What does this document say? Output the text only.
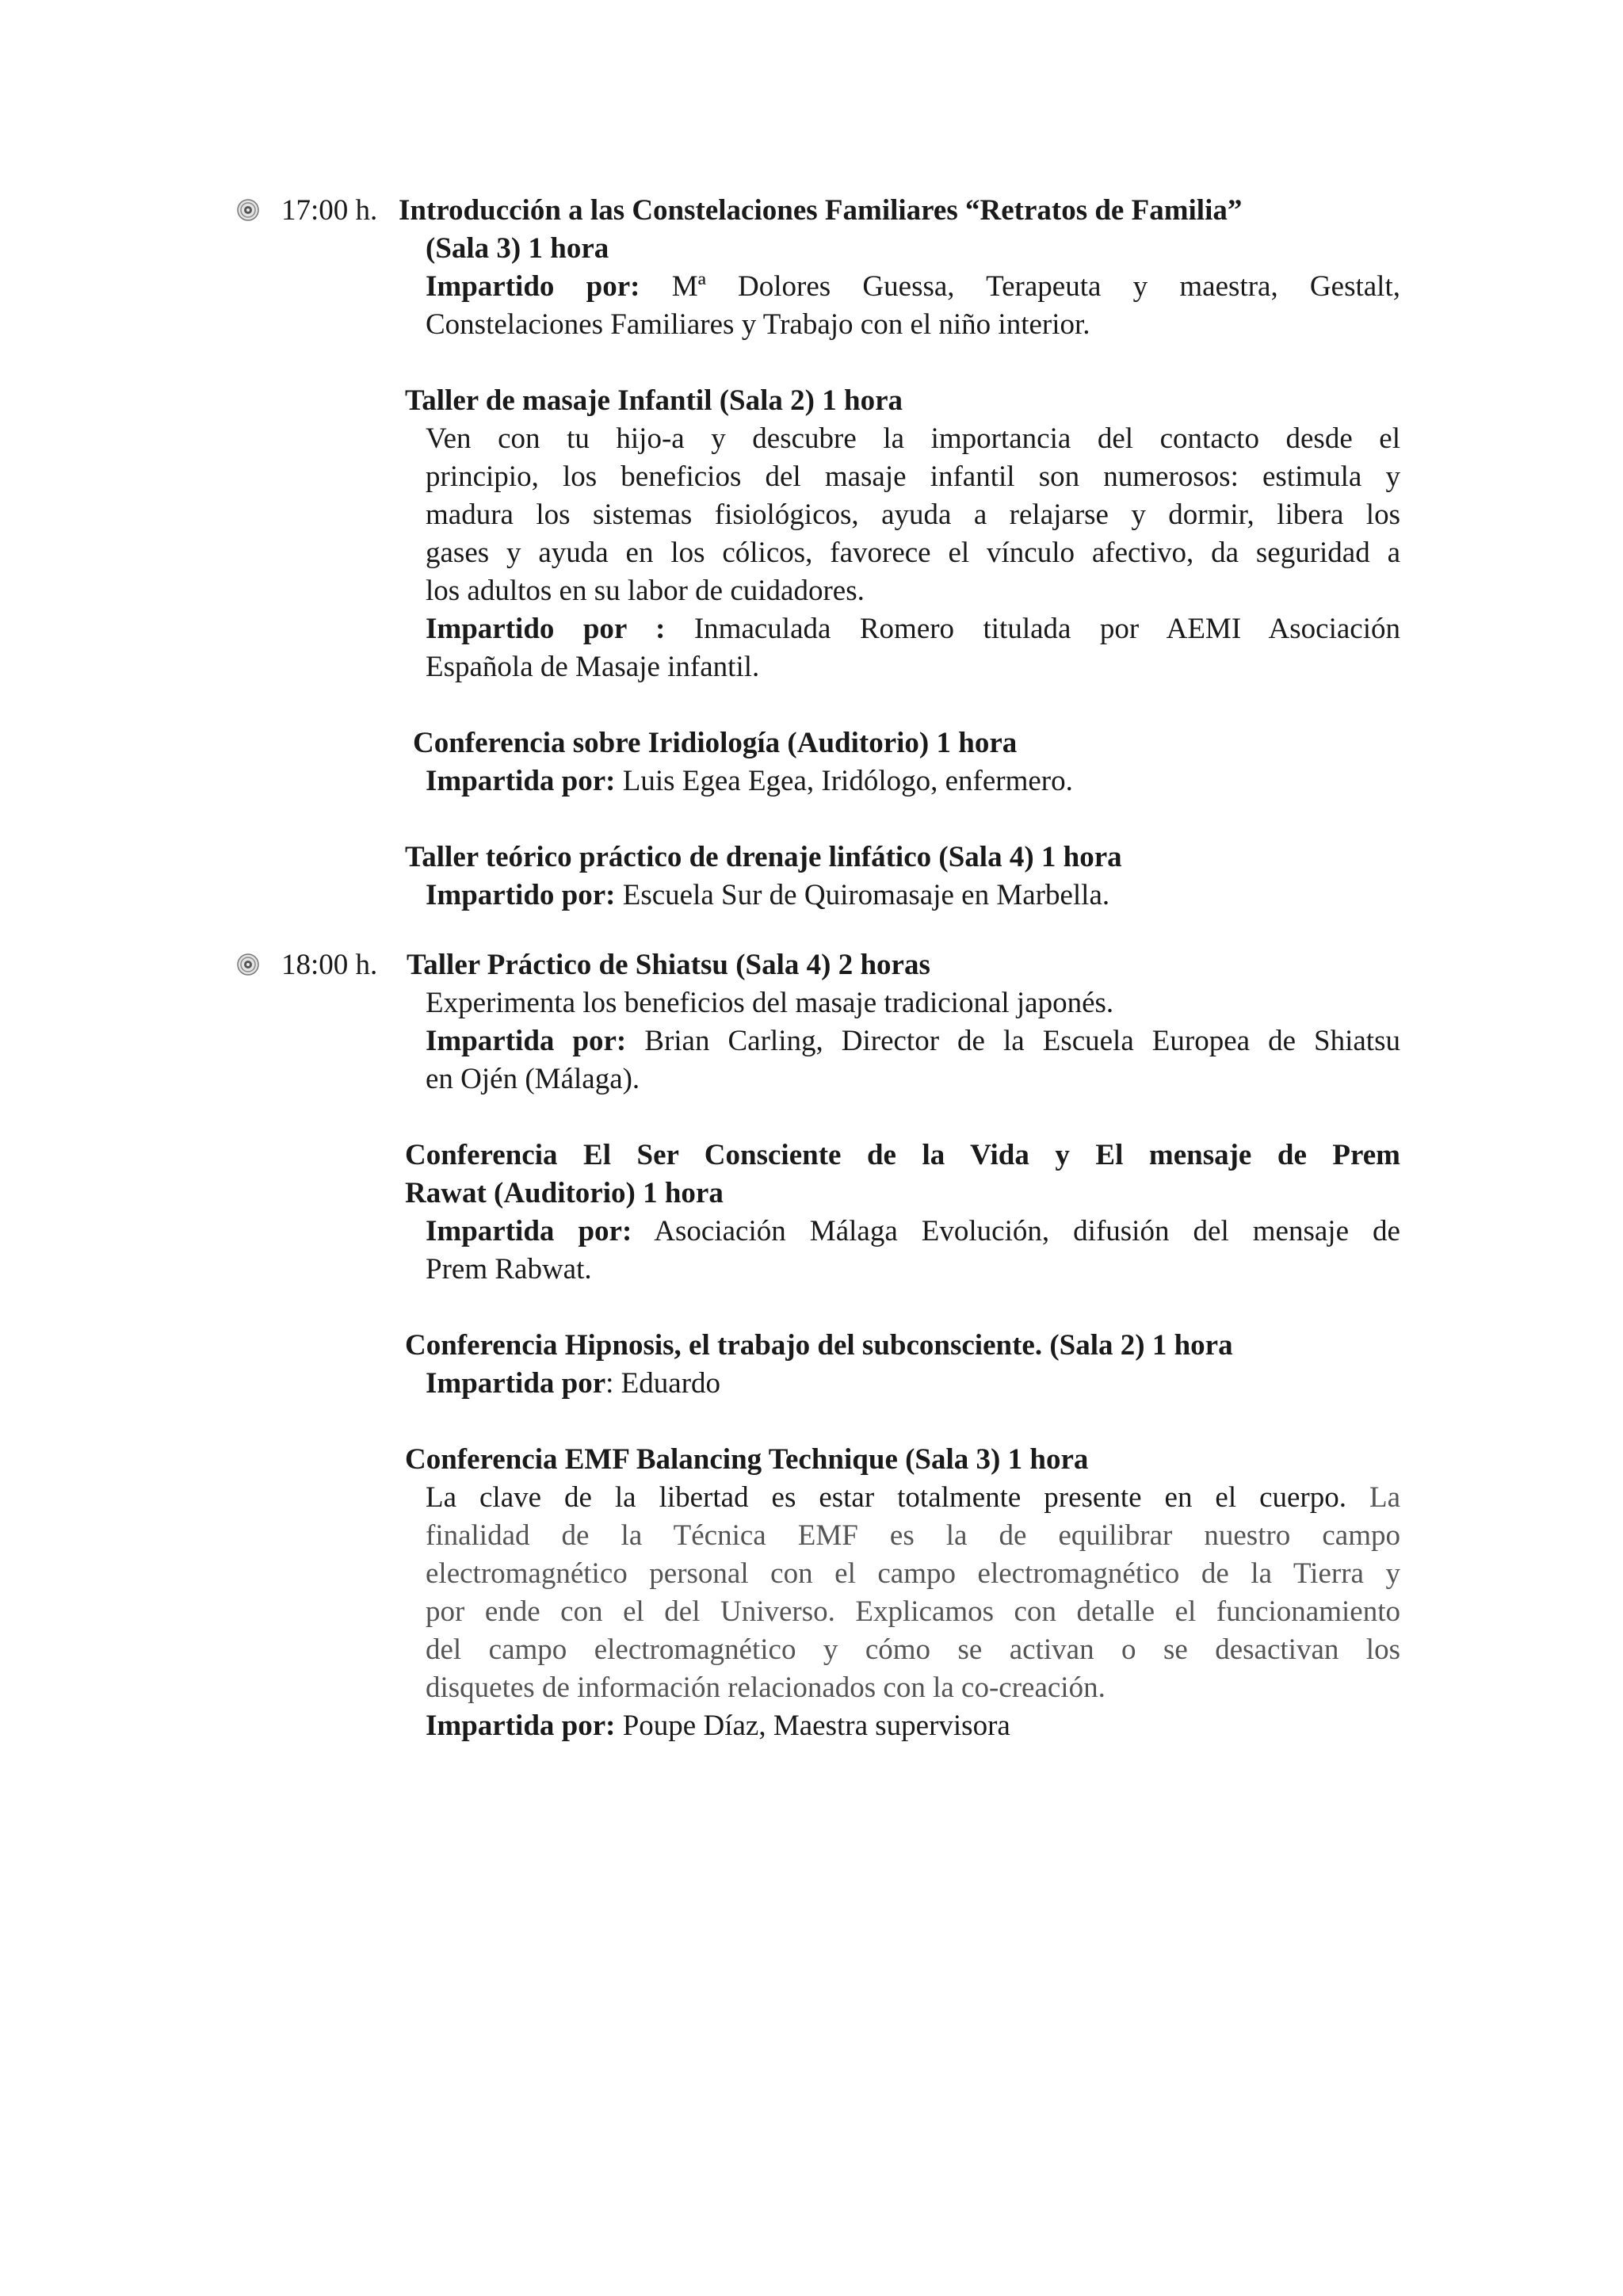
17:00 h. Introducción a las Constelaciones Familiares “Retratos de Familia”
(Sala 3) 1 hora
Impartido por: Mª Dolores Guessa, Terapeuta y maestra, Gestalt,
Constelaciones Familiares y Trabajo con el niño interior.
Taller de masaje Infantil (Sala 2) 1 hora
Ven con tu hijo-a y descubre la importancia del contacto desde el
principio, los beneficios del masaje infantil son numerosos: estimula y
madura los sistemas fisiológicos, ayuda a relajarse y dormir, libera los
gases y ayuda en los cólicos, favorece el vínculo afectivo, da seguridad a
los adultos en su labor de cuidadores.
Impartido por : Inmaculada Romero titulada por AEMI Asociación
Española de Masaje infantil.
Conferencia sobre Iridiología (Auditorio) 1 hora
Impartida por: Luis Egea Egea, Iridólogo, enfermero.
Taller teórico práctico de drenaje linfático (Sala 4) 1 hora
Impartido por: Escuela Sur de Quiromasaje en Marbella.
18:00 h. Taller Práctico de Shiatsu (Sala 4) 2 horas
Experimenta los beneficios del masaje tradicional japonés.
Impartida por: Brian Carling, Director de la Escuela Europea de Shiatsu
en Ojén (Málaga).
Conferencia El Ser Consciente de la Vida y El mensaje de Prem
Rawat (Auditorio) 1 hora
Impartida por: Asociación Málaga Evolución, difusión del mensaje de
Prem Rabwat.
Conferencia Hipnosis, el trabajo del subconsciente. (Sala 2) 1 hora
Impartida por: Eduardo
Conferencia EMF Balancing Technique (Sala 3) 1 hora
La clave de la libertad es estar totalmente presente en el cuerpo. La
finalidad de la Técnica EMF es la de equilibrar nuestro campo
electromagnético personal con el campo electromagnético de la Tierra y
por ende con el del Universo. Explicamos con detalle el funcionamiento
del campo electromagnético y cómo se activan o se desactivan los
disquetes de información relacionados con la co-creación.
Impartida por: Poupe Díaz, Maestra supervisora
